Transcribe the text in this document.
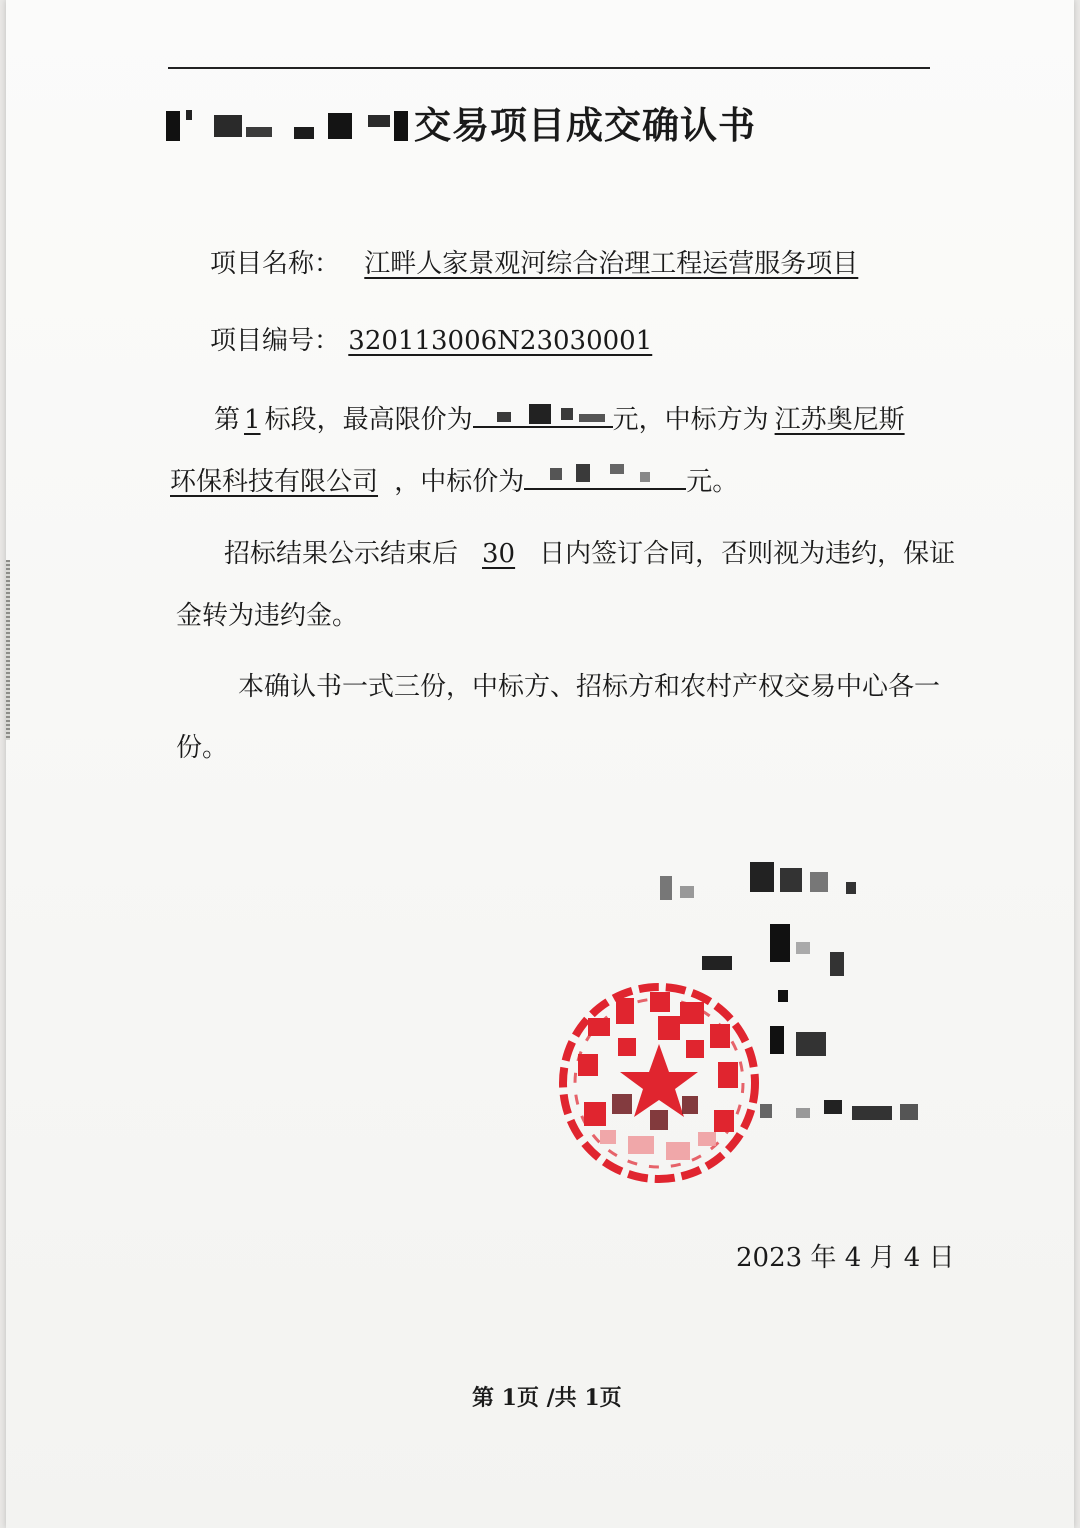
交易项目成交确认书
项目名称： 江畔人家景观河综合治理工程运营服务项目
项目编号： 320113006N23030001
第 1 标段，最高限价为	元，中标方为 江苏奥尼斯
环保科技有限公司 ，中标价为	元。
招标结果公示结束后 30 日内签订合同，否则视为违约，保证
金转为违约金。
本确认书一式三份，中标方、招标方和农村产权交易中心各一
份。
2023 年 4 月 4 日
第 1页 /共 1页
